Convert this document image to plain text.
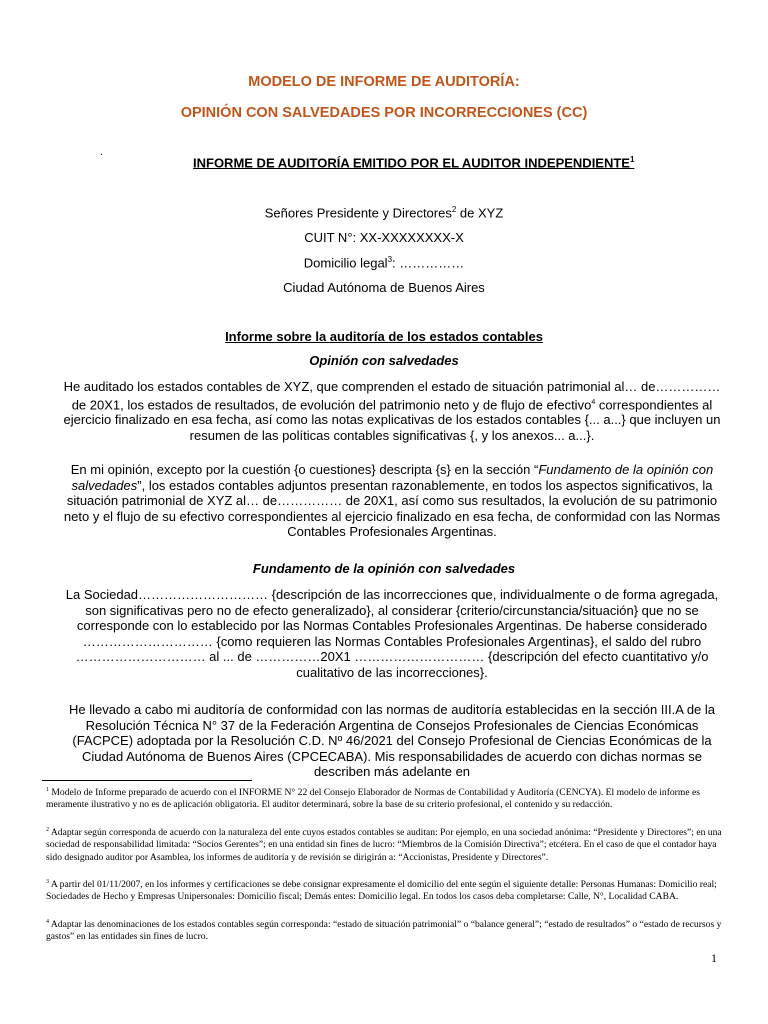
MODELO DE INFORME DE AUDITORÍA:
OPINIÓN CON SALVEDADES POR INCORRECCIONES (CC)
.
INFORME DE AUDITORÍA EMITIDO POR EL AUDITOR INDEPENDIENTE$^1$
Señores Presidente y Directores$^2$ de XYZ
CUIT N°: XX-XXXXXXXX-X
Domicilio legal$^3$: ……………
Ciudad Autónoma de Buenos Aires
Informe sobre la auditoría de los estados contables
Opinión con salvedades
He auditado los estados contables de XYZ, que comprenden el estado de situación patrimonial al… de…………… de 20X1, los estados de resultados, de evolución del patrimonio neto y de flujo de efectivo$^4$ correspondientes al ejercicio finalizado en esa fecha, así como las notas explicativas de los estados contables {... a...} que incluyen un resumen de las políticas contables significativas {, y los anexos... a...}.
En mi opinión, excepto por la cuestión {o cuestiones} descripta {s} en la sección “Fundamento de la opinión con salvedades”, los estados contables adjuntos presentan razonablemente, en todos los aspectos significativos, la situación patrimonial de XYZ al… de…………… de 20X1, así como sus resultados, la evolución de su patrimonio neto y el flujo de su efectivo correspondientes al ejercicio finalizado en esa fecha, de conformidad con las Normas Contables Profesionales Argentinas.
Fundamento de la opinión con salvedades
La Sociedad………………………… {descripción de las incorrecciones que, individualmente o de forma agregada, son significativas pero no de efecto generalizado}, al considerar {criterio/circunstancia/situación} que no se corresponde con lo establecido por las Normas Contables Profesionales Argentinas. De haberse considerado ………………………… {como requieren las Normas Contables Profesionales Argentinas}, el saldo del rubro ………………………… al ... de ……………20X1 ………………………… {descripción del efecto cuantitativo y/o cualitativo de las incorrecciones}.
He llevado a cabo mi auditoría de conformidad con las normas de auditoría establecidas en la sección III.A de la Resolución Técnica N° 37 de la Federación Argentina de Consejos Profesionales de Ciencias Económicas (FACPCE) adoptada por la Resolución C.D. Nº 46/2021 del Consejo Profesional de Ciencias Económicas de la Ciudad Autónoma de Buenos Aires (CPCECABA). Mis responsabilidades de acuerdo con dichas normas se describen más adelante en
$^1$ Modelo de Informe preparado de acuerdo con el INFORME N° 22 del Consejo Elaborador de Normas de Contabilidad y Auditoría (CENCYA). El modelo de informe es meramente ilustrativo y no es de aplicación obligatoria. El auditor determinará, sobre la base de su criterio profesional, el contenido y su redacción.
$^2$ Adaptar según corresponda de acuerdo con la naturaleza del ente cuyos estados contables se auditan: Por ejemplo, en una sociedad anónima: “Presidente y Directores”; en una sociedad de responsabilidad limitada: “Socios Gerentes”; en una entidad sin fines de lucro: “Miembros de la Comisión Directiva”; etcétera. En el caso de que el contador haya sido designado auditor por Asamblea, los informes de auditoría y de revisión se dirigirán a: “Accionistas, Presidente y Directores”.
$^3$ A partir del 01/11/2007, en los informes y certificaciones se debe consignar expresamente el domicilio del ente según el siguiente detalle: Personas Humanas: Domicilio real; Sociedades de Hecho y Empresas Unipersonales: Domicilio fiscal; Demás entes: Domicilio legal. En todos los casos deba completarse: Calle, N°, Localidad CABA.
$^4$ Adaptar las denominaciones de los estados contables según corresponda: “estado de situación patrimonial” o “balance general”; “estado de resultados” o “estado de recursos y gastos” en las entidades sin fines de lucro.
1
